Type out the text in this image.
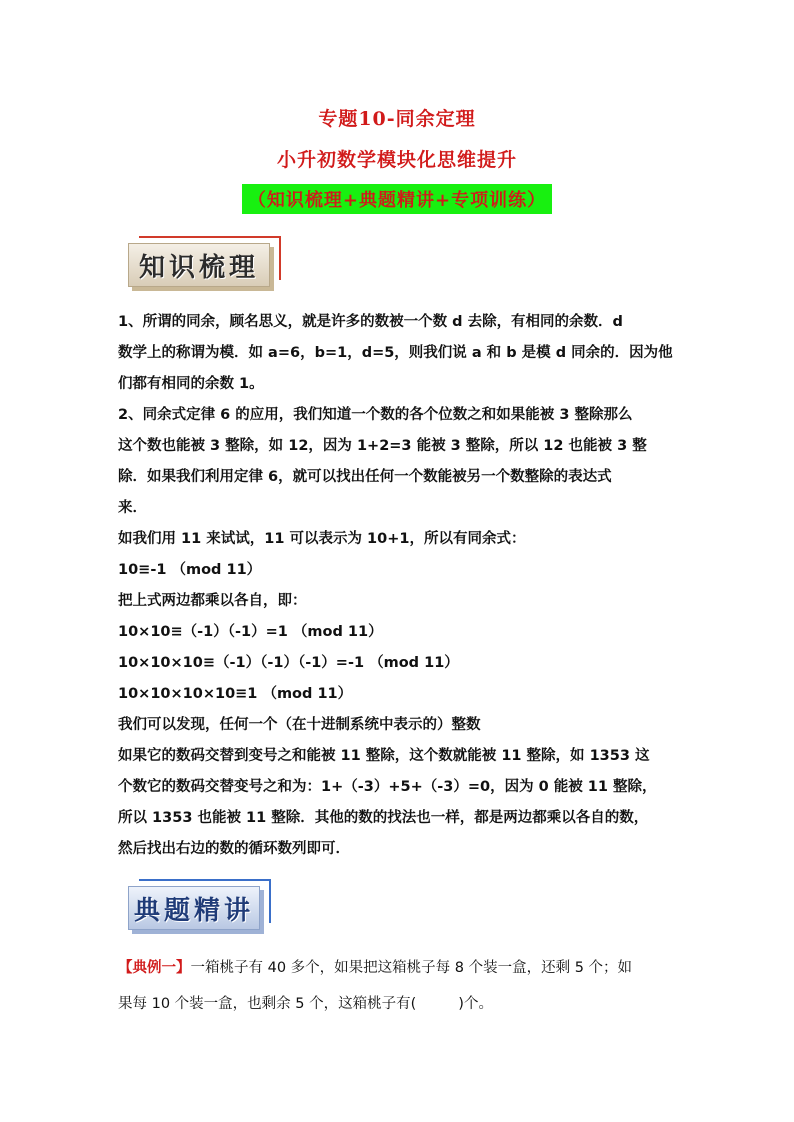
专题10-同余定理
小升初数学模块化思维提升
（知识梳理+典题精讲+专项训练）
知识梳理

1、所谓的同余，顾名思义，就是许多的数被一个数 d 去除，有相同的余数．d

数学上的称谓为模．如 a=6，b=1，d=5，则我们说 a 和 b 是模 d 同余的．因为他

们都有相同的余数 1。

2、同余式定律 6 的应用，我们知道一个数的各个位数之和如果能被 3 整除那么

这个数也能被 3 整除，如 12，因为 1+2=3 能被 3 整除，所以 12 也能被 3 整

除．如果我们利用定律 6，就可以找出任何一个数能被另一个数整除的表达式

来．

如我们用 11 来试试，11 可以表示为 10+1，所以有同余式：

10≡-1 （mod 11）

把上式两边都乘以各自，即：

10×10≡（-1）（-1）=1 （mod 11）

10×10×10≡（-1）（-1）（-1）=-1 （mod 11）

10×10×10×10≡1 （mod 11）

我们可以发现，任何一个（在十进制系统中表示的）整数

如果它的数码交替到变号之和能被 11 整除，这个数就能被 11 整除，如 1353 这

个数它的数码交替变号之和为：1+（-3）+5+（-3）=0，因为 0 能被 11 整除，

所以 1353 也能被 11 整除．其他的数的找法也一样，都是两边都乘以各自的数，

然后找出右边的数的循环数列即可．

典题精讲
【典例一】一箱桃子有 40 多个，如果把这箱桃子每 8 个装一盒，还剩 5 个；如
果每 10 个装一盒，也剩余 5 个，这箱桃子有(	)个。
